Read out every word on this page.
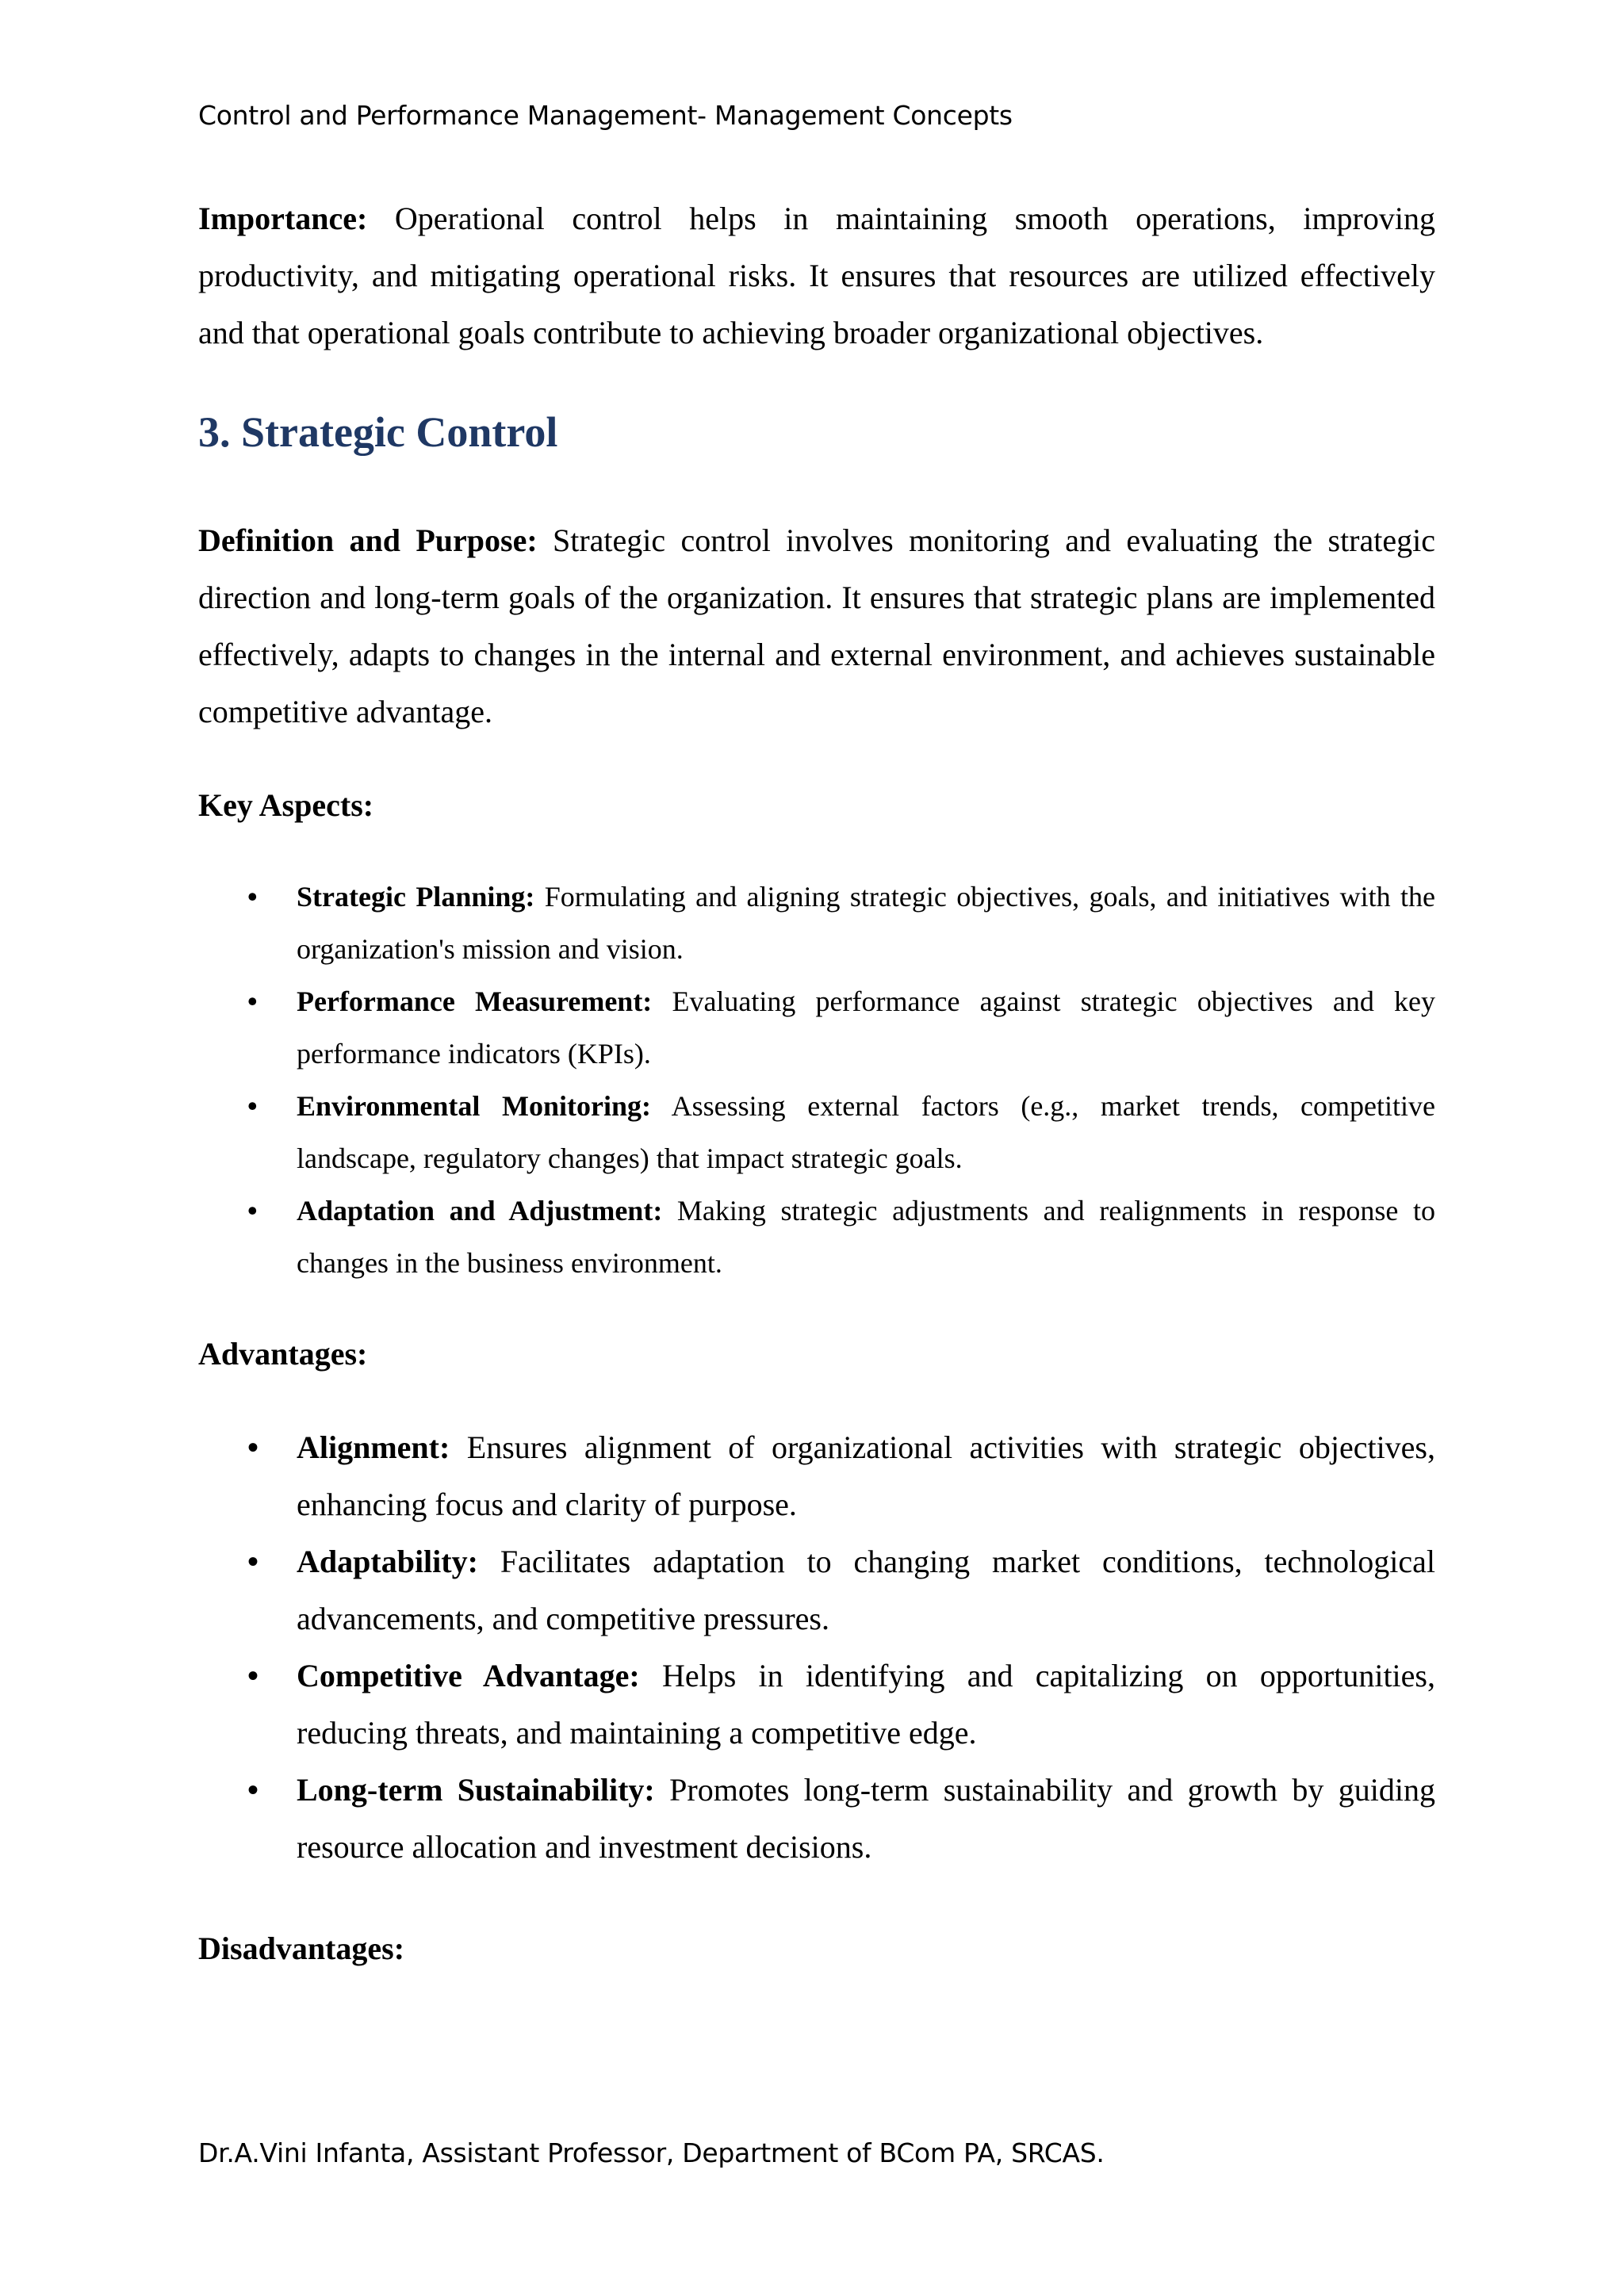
Control and Performance Management- Management Concepts

Importance: Operational control helps in maintaining smooth operations, improving productivity, and mitigating operational risks. It ensures that resources are utilized effectively and that operational goals contribute to achieving broader organizational objectives.

3. Strategic Control

Definition and Purpose: Strategic control involves monitoring and evaluating the strategic direction and long-term goals of the organization. It ensures that strategic plans are implemented effectively, adapts to changes in the internal and external environment, and achieves sustainable competitive advantage.

Key Aspects:

• Strategic Planning: Formulating and aligning strategic objectives, goals, and initiatives with the organization's mission and vision.
• Performance Measurement: Evaluating performance against strategic objectives and key performance indicators (KPIs).
• Environmental Monitoring: Assessing external factors (e.g., market trends, competitive landscape, regulatory changes) that impact strategic goals.
• Adaptation and Adjustment: Making strategic adjustments and realignments in response to changes in the business environment.

Advantages:

• Alignment: Ensures alignment of organizational activities with strategic objectives, enhancing focus and clarity of purpose.
• Adaptability: Facilitates adaptation to changing market conditions, technological advancements, and competitive pressures.
• Competitive Advantage: Helps in identifying and capitalizing on opportunities, reducing threats, and maintaining a competitive edge.
• Long-term Sustainability: Promotes long-term sustainability and growth by guiding resource allocation and investment decisions.

Disadvantages:

Dr.A.Vini Infanta, Assistant Professor, Department of BCom PA, SRCAS.
